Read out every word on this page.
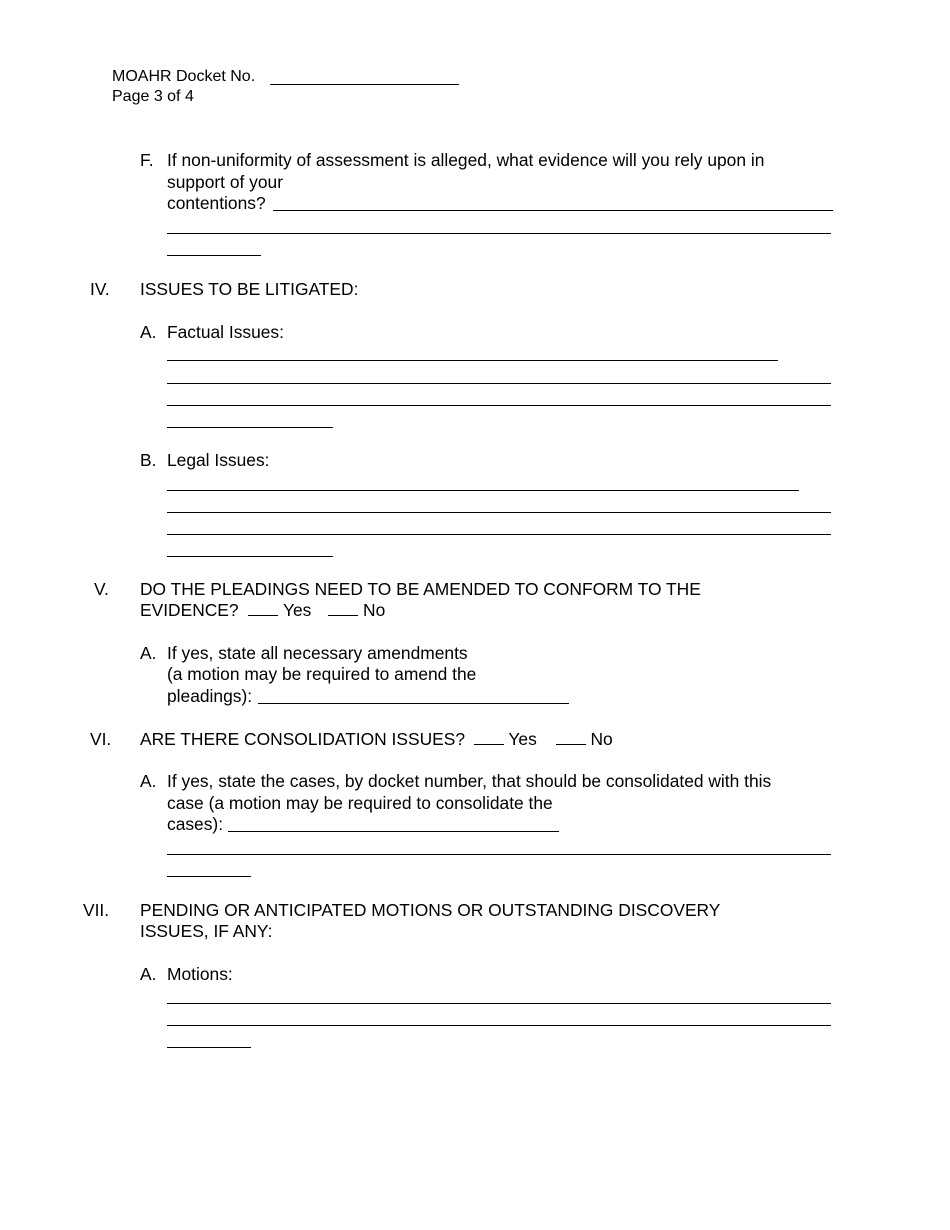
MOAHR Docket No.
Page 3 of 4
F. If non-uniformity of assessment is alleged, what evidence will you rely upon in
support of your
contentions?
IV. ISSUES TO BE LITIGATED:
A. Factual Issues:
B. Legal Issues:
V. DO THE PLEADINGS NEED TO BE AMENDED TO CONFORM TO THE
EVIDENCE?	Yes	No
A. If yes, state all necessary amendments
(a motion may be required to amend the
pleadings):
VI. ARE THERE CONSOLIDATION ISSUES? Yes	No
A. If yes, state the cases, by docket number, that should be consolidated with this
case (a motion may be required to consolidate the
cases):
VII. PENDING OR ANTICIPATED MOTIONS OR OUTSTANDING DISCOVERY
ISSUES, IF ANY:
A. Motions:
